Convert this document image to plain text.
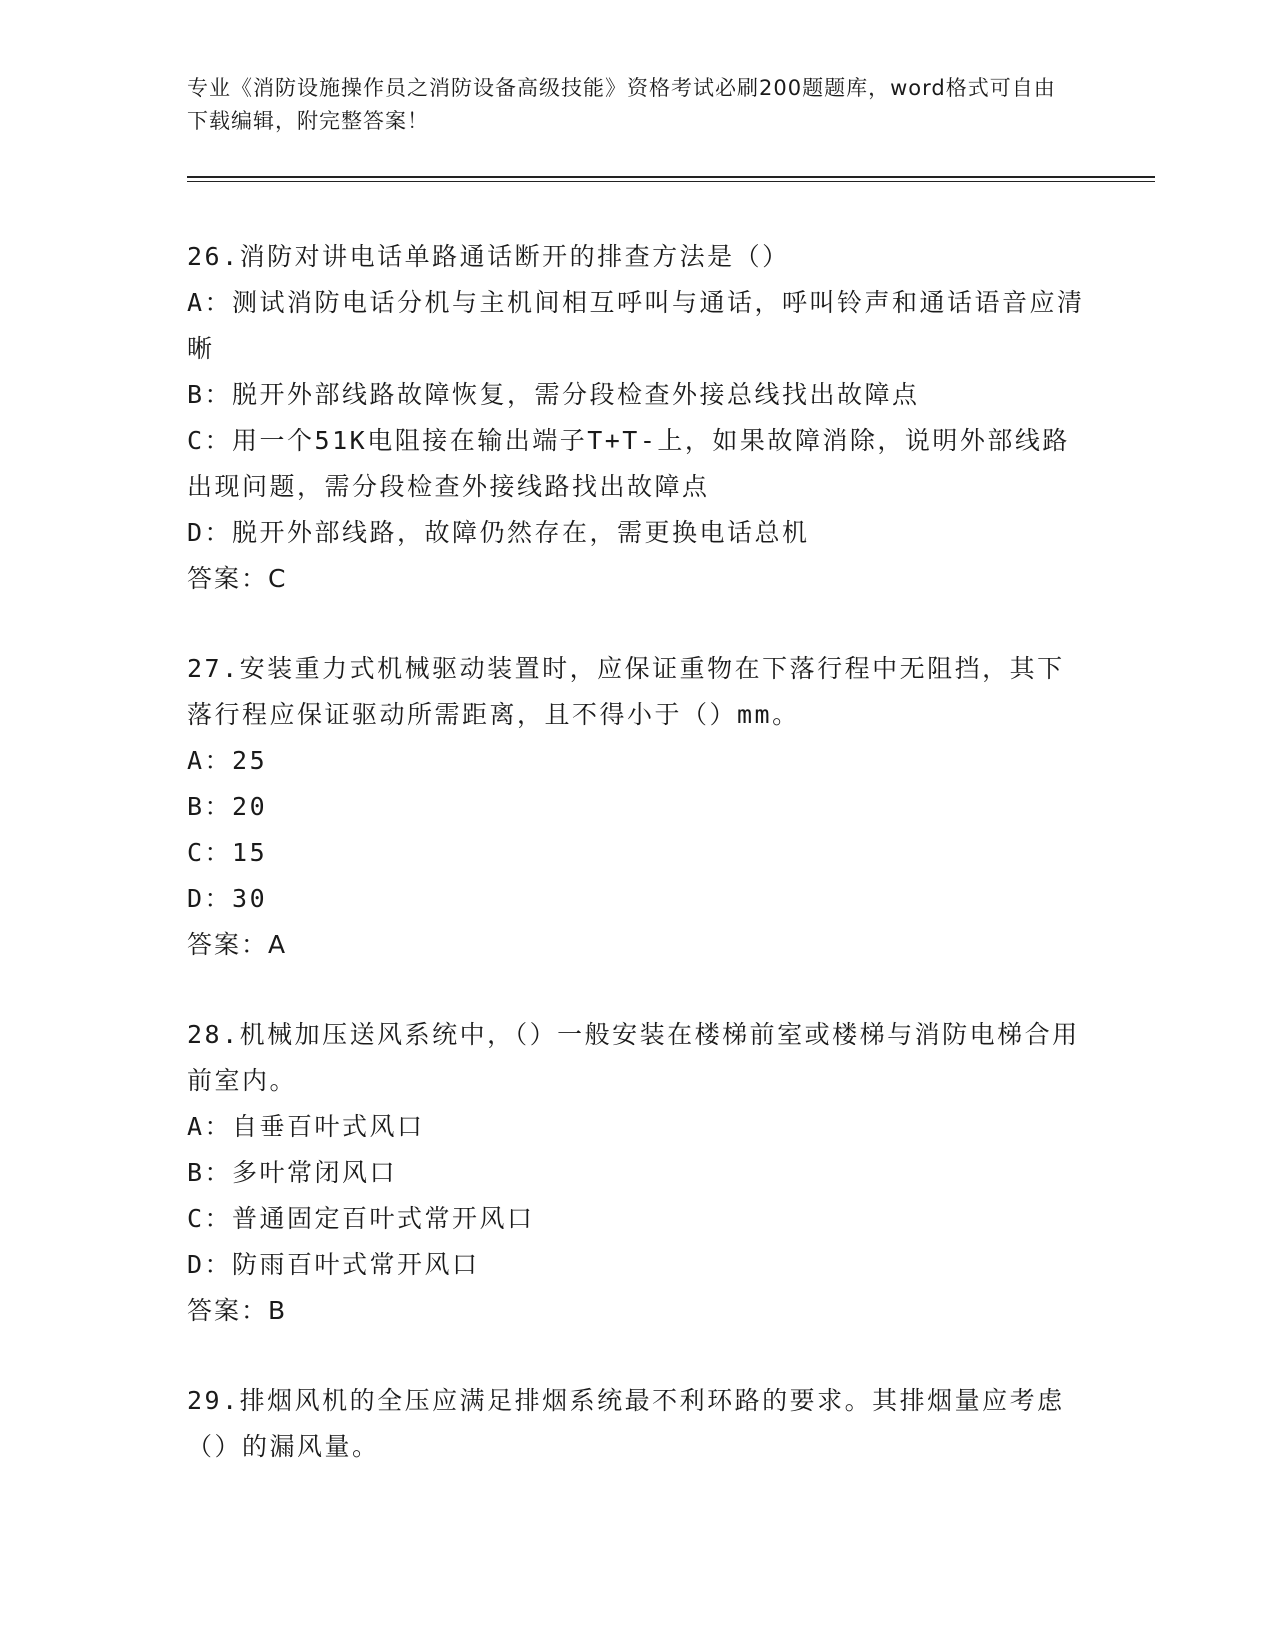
专业《消防设施操作员之消防设备高级技能》资格考试必刷200题题库，word格式可自由下载编辑，附完整答案！

26.消防对讲电话单路通话断开的排查方法是（）

A：测试消防电话分机与主机间相互呼叫与通话，呼叫铃声和通话语音应清晰

B：脱开外部线路故障恢复，需分段检查外接总线找出故障点

C：用一个51K电阻接在输出端子T+T-上，如果故障消除，说明外部线路出现问题，需分段检查外接线路找出故障点

D：脱开外部线路，故障仍然存在，需更换电话总机

答案：C

27.安装重力式机械驱动装置时，应保证重物在下落行程中无阻挡，其下落行程应保证驱动所需距离，且不得小于（）mm。

A：25

B：20

C：15

D：30

答案：A

28.机械加压送风系统中，（）一般安装在楼梯前室或楼梯与消防电梯合用前室内。

A：自垂百叶式风口

B：多叶常闭风口

C：普通固定百叶式常开风口

D：防雨百叶式常开风口

答案：B

29.排烟风机的全压应满足排烟系统最不利环路的要求。其排烟量应考虑（）的漏风量。
